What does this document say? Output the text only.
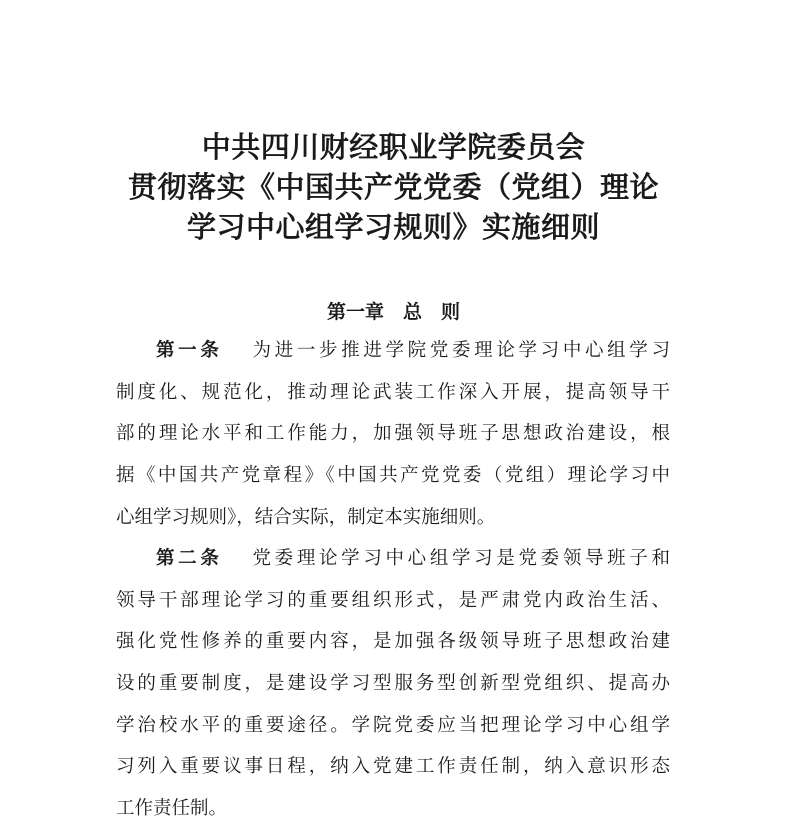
中共四川财经职业学院委员会
贯彻落实《中国共产党党委（党组）理论
学习中心组学习规则》实施细则
第一章　总　则
第一条 为进一步推进学院党委理论学习中心组学习
制度化、规范化，推动理论武装工作深入开展，提高领导干
部的理论水平和工作能力，加强领导班子思想政治建设，根
据《中国共产党章程》《中国共产党党委（党组）理论学习中
心组学习规则》，结合实际，制定本实施细则。
第二条 党委理论学习中心组学习是党委领导班子和
领导干部理论学习的重要组织形式，是严肃党内政治生活、
强化党性修养的重要内容，是加强各级领导班子思想政治建
设的重要制度，是建设学习型服务型创新型党组织、提高办
学治校水平的重要途径。学院党委应当把理论学习中心组学
习列入重要议事日程，纳入党建工作责任制，纳入意识形态
工作责任制。
